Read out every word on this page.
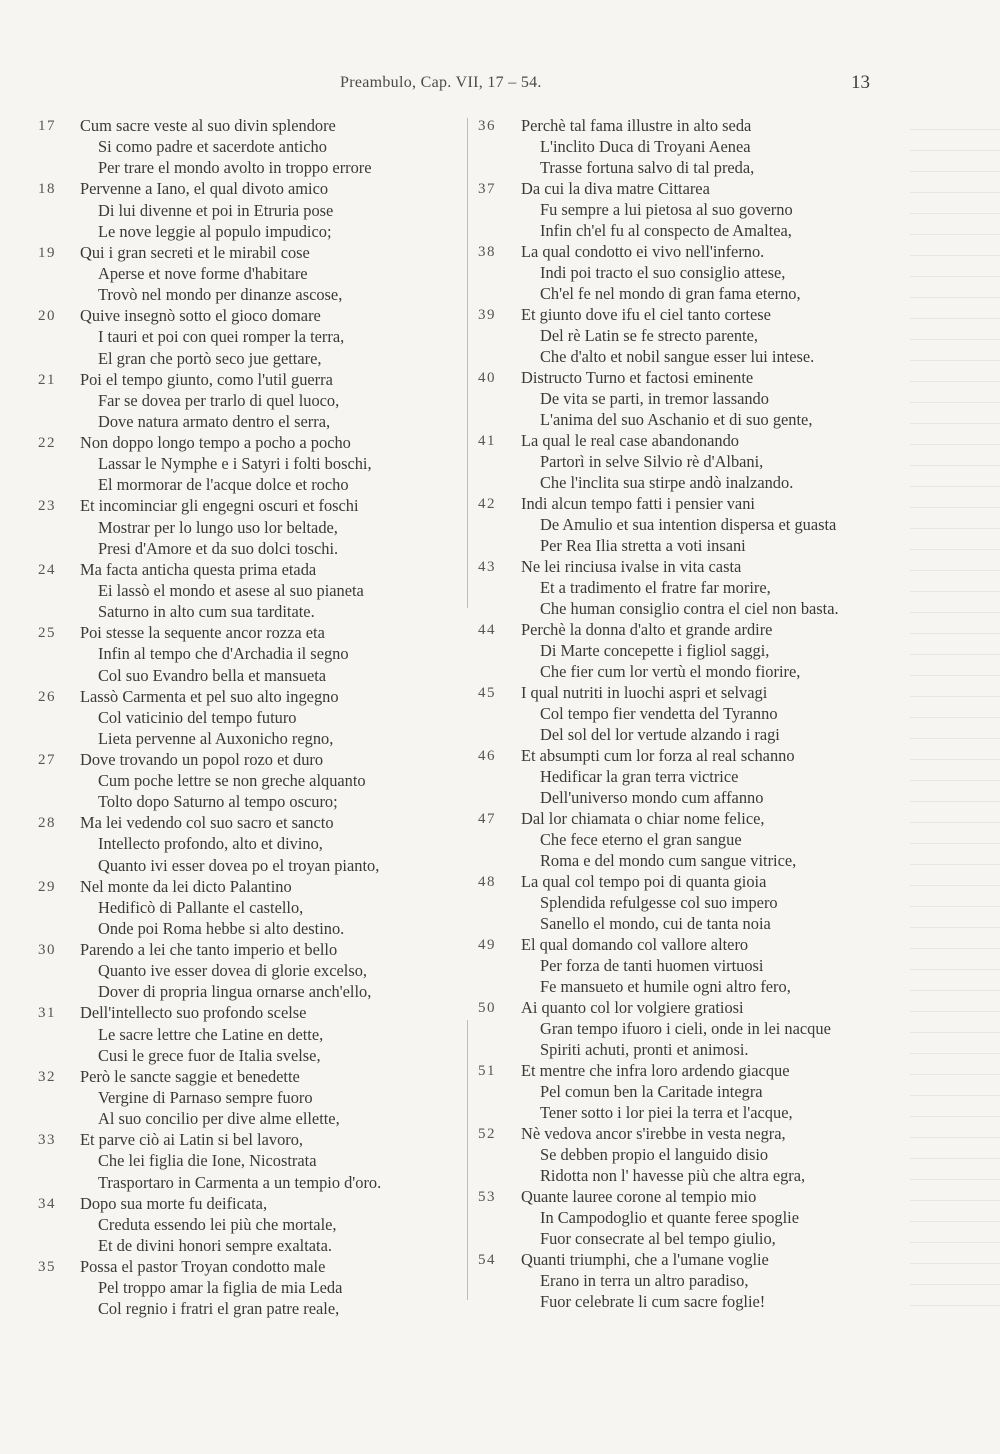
Preambulo, Cap. VII, 17 – 54.	13
17	Cum sacre veste al suo divin splendore
Si como padre et sacerdote anticho
Per trare el mondo avolto in troppo errore
18	Pervenne a Iano, el qual divoto amico
Di lui divenne et poi in Etruria pose
Le nove leggie al populo impudico;
19	Qui i gran secreti et le mirabil cose
Aperse et nove forme d'habitare
Trovò nel mondo per dinanze ascose,
20	Quive insegnò sotto el gioco domare
I tauri et poi con quei romper la terra,
El gran che portò seco jue gettare,
21	Poi el tempo giunto, como l'util guerra
Far se dovea per trarlo di quel luoco,
Dove natura armato dentro el serra,
22	Non doppo longo tempo a pocho a pocho
Lassar le Nymphe e i Satyri i folti boschi,
El mormorar de l'acque dolce et rocho
23	Et incominciar gli engegni oscuri et foschi
Mostrar per lo lungo uso lor beltade,
Presi d'Amore et da suo dolci toschi.
24	Ma facta anticha questa prima etada
Ei lassò el mondo et asese al suo pianeta
Saturno in alto cum sua tarditate.
25	Poi stesse la sequente ancor rozza eta
Infin al tempo che d'Archadia il segno
Col suo Evandro bella et mansueta
26	Lassò Carmenta et pel suo alto ingegno
Col vaticinio del tempo futuro
Lieta pervenne al Auxonicho regno,
27	Dove trovando un popol rozo et duro
Cum poche lettre se non greche alquanto
Tolto dopo Saturno al tempo oscuro;
28	Ma lei vedendo col suo sacro et sancto
Intellecto profondo, alto et divino,
Quanto ivi esser dovea po el troyan pianto,
29	Nel monte da lei dicto Palantino
Hedificò di Pallante el castello,
Onde poi Roma hebbe si alto destino.
30	Parendo a lei che tanto imperio et bello
Quanto ive esser dovea di glorie excelso,
Dover di propria lingua ornarse anch'ello,
31	Dell'intellecto suo profondo scelse
Le sacre lettre che Latine en dette,
Cusi le grece fuor de Italia svelse,
32	Però le sancte saggie et benedette
Vergine di Parnaso sempre fuoro
Al suo concilio per dive alme ellette,
33	Et parve ciò ai Latin si bel lavoro,
Che lei figlia die Ione, Nicostrata
Trasportaro in Carmenta a un tempio d'oro.
34	Dopo sua morte fu deificata,
Creduta essendo lei più che mortale,
Et de divini honori sempre exaltata.
35	Possa el pastor Troyan condotto male
Pel troppo amar la figlia de mia Leda
Col regnio i fratri el gran patre reale,
36	Perchè tal fama illustre in alto seda
L'inclito Duca di Troyani Aenea
Trasse fortuna salvo di tal preda,
37	Da cui la diva matre Cittarea
Fu sempre a lui pietosa al suo governo
Infin ch'el fu al conspecto de Amaltea,
38	La qual condotto ei vivo nell'inferno.
Indi poi tracto el suo consiglio attese,
Ch'el fe nel mondo di gran fama eterno,
39	Et giunto dove ifu el ciel tanto cortese
Del rè Latin se fe strecto parente,
Che d'alto et nobil sangue esser lui intese.
40	Distructo Turno et factosi eminente
De vita se parti, in tremor lassando
L'anima del suo Aschanio et di suo gente,
41	La qual le real case abandonando
Partorì in selve Silvio rè d'Albani,
Che l'inclita sua stirpe andò inalzando.
42	Indi alcun tempo fatti i pensier vani
De Amulio et sua intention dispersa et guasta
Per Rea Ilia stretta a voti insani
43	Ne lei rinciusa ivalse in vita casta
Et a tradimento el fratre far morire,
Che human consiglio contra el ciel non basta.
44	Perchè la donna d'alto et grande ardire
Di Marte concepette i figliol saggi,
Che fier cum lor vertù el mondo fiorire,
45	I qual nutriti in luochi aspri et selvagi
Col tempo fier vendetta del Tyranno
Del sol del lor vertude alzando i ragi
46	Et absumpti cum lor forza al real schanno
Hedificar la gran terra victrice
Dell'universo mondo cum affanno
47	Dal lor chiamata o chiar nome felice,
Che fece eterno el gran sangue
Roma e del mondo cum sangue vitrice,
48	La qual col tempo poi di quanta gioia
Splendida refulgesse col suo impero
Sanello el mondo, cui de tanta noia
49	El qual domando col vallore altero
Per forza de tanti huomen virtuosi
Fe mansueto et humile ogni altro fero,
50	Ai quanto col lor volgiere gratiosi
Gran tempo ifuoro i cieli, onde in lei nacque
Spiriti achuti, pronti et animosi.
51	Et mentre che infra loro ardendo giacque
Pel comun ben la Caritade integra
Tener sotto i lor piei la terra et l'acque,
52	Nè vedova ancor s'irebbe in vesta negra,
Se debben propio el languido disio
Ridotta non l' havesse più che altra egra,
53	Quante lauree corone al tempio mio
In Campodoglio et quante feree spoglie
Fuor consecrate al bel tempo giulio,
54	Quanti triumphi, che a l'umane voglie
Erano in terra un altro paradiso,
Fuor celebrate li cum sacre foglie!
